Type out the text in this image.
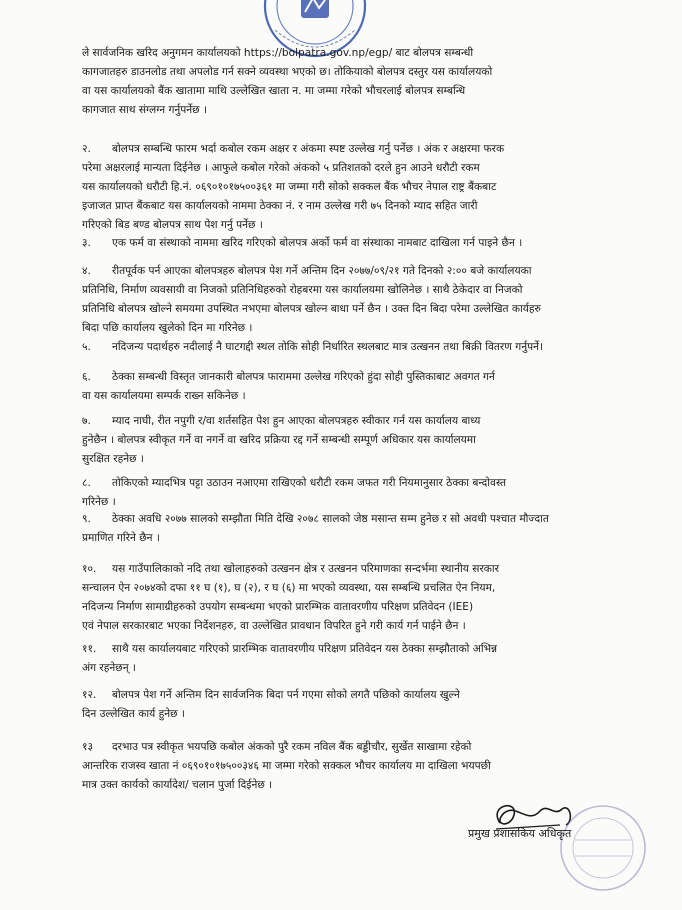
ले सार्वजनिक खरिद अनुगमन कार्यालयको https://bolpatra.gov.np/egp/ बाट बोलपत्र सम्बन्धी
कागजातहरु डाउनलोड तथा अपलोड गर्न सक्ने व्यवस्था भएको छ। तोकियाको बोलपत्र दस्तुर यस कार्यालयको
वा यस कार्यालयको बैंक खातामा माथि उल्लेखित खाता न. मा जम्मा गरेको भौचरलाई बोलपत्र सम्बन्धि
कागजात साथ संग्लग्न गर्नुपर्नेछ ।

२. बोलपत्र सम्बन्धि फारम भर्दा कबोल रकम अक्षर र अंकमा स्पष्ट उल्लेख गर्नु पर्नेछ । अंक र अक्षरमा फरक
परेमा अक्षरलाई मान्यता दिईनेछ । आफुले कबोल गरेको अंकको ५ प्रतिशतको दरले हुन आउने धरौटी रकम
यस कार्यालयको धरौटी हि.नं. ०६९०१०१७५००३६१ मा जम्मा गरी सोको सक्कल बैंक भौचर नेपाल राष्ट्र बैंकबाट
इजाजत प्राप्त बैंकबाट यस कार्यालयको नाममा ठेक्का नं. र नाम उल्लेख गरी ७५ दिनको म्याद सहित जारी
गरिएको बिड बण्ड बोलपत्र साथ पेश गर्नु पर्नेछ ।

३. एक फर्म वा संस्थाको नाममा खरिद गरिएको बोलपत्र अर्को फर्म वा संस्थाका नामबाट दाखिला गर्न पाइने छैन ।

४. रीतपूर्वक पर्न आएका बोलपत्रहरु बोलपत्र पेश गर्ने अन्तिम दिन २०७७/०९/२१ गते दिनको २:०० बजे कार्यालयका
प्रतिनिधि, निर्माण व्यवसायी वा निजको प्रतिनिधिहरुको रोहबरमा यस कार्यालयमा खोलिनेछ । साथै ठेकेदार वा निजको
प्रतिनिधि बोलपत्र खोल्ने समयमा उपस्थित नभएमा बोलपत्र खोल्न बाधा पर्ने छैन । उक्त दिन बिदा परेमा उल्लेखित कार्यहरु
बिदा पछि कार्यालय खुलेको दिन मा गरिनेछ ।

५. नदिजन्य पदार्थहरु नदीलाई नै घाटगद्दी स्थल तोकि सोही निर्धारित स्थलबाट मात्र उत्खनन तथा बिक्री वितरण गर्नुपर्ने।

६. ठेक्का सम्बन्धी विस्तृत जानकारी बोलपत्र फाराममा उल्लेख गरिएको हुंदा सोही पुस्तिकाबाट अवगत गर्न
वा यस कार्यालयमा सम्पर्क राख्न सकिनेछ ।

७. म्याद नाघी, रीत नपुगी र/वा शर्तसहित पेश हुन आएका बोलपत्रहरु स्वीकार गर्न यस कार्यालय बाध्य
हुनेछैन । बोलपत्र स्वीकृत गर्ने वा नगर्ने वा खरिद प्रक्रिया रद्द गर्ने सम्बन्धी सम्पूर्ण अधिकार यस कार्यालयमा
सुरक्षित रहनेछ ।

८. तोकिएको म्यादभित्र पट्टा उठाउन नआएमा राखिएको धरौटी रकम जफत गरी नियमानुसार ठेक्का बन्दोवस्त
गरिनेछ ।

९. ठेक्का अवधि २०७७ सालको सम्झौता मिति देखि २०७८ सालको जेष्ठ मसान्त सम्म हुनेछ र सो अवधी पश्चात मौज्दात
प्रमाणित गरिने छैन ।

१०. यस गाउँपालिकाको नदि तथा खोलाहरुको उत्खनन क्षेत्र र उत्खनन परिमाणका सन्दर्भमा स्थानीय सरकार
सन्चालन ऐन २०७४को दफा ११ घ (१), घ (२), र घ (६) मा भएको व्यवस्था, यस सम्बन्धि प्रचलित ऐन नियम,
नदिजन्य निर्माण सामाग्रीहरुको उपयोग सम्बन्धमा भएको प्रारम्भिक वातावरणीय परिक्षण प्रतिवेदन (IEE)
एवं नेपाल सरकारबाट भएका निर्देशनहरु, वा उल्लेखित प्रावधान विपरित हुने गरी कार्य गर्न पाईने छैन ।

११. साथै यस कार्यालयबाट गरिएको प्रारम्भिक वातावरणीय परिक्षण प्रतिवेदन यस ठेक्का सम्झौताको अभिन्न
अंग रहनेछन् ।

१२. बोलपत्र पेश गर्ने अन्तिम दिन सार्वजनिक बिदा पर्न गएमा सोको लगतै पछिको कार्यालय खुल्ने
दिन उल्लेखित कार्य हुनेछ ।

१३ दरभाउ पत्र स्वीकृत भयपछि कबोल अंकको पुरै रकम नविल बैंक बड्डीचौर, सुर्खेत साखामा रहेको
आन्तरिक राजस्व खाता नं ०६९०१०१७५००३४६ मा जम्मा गरेको सक्कल भौचर कार्यालय मा दाखिला भयपछी
मात्र उक्त कार्यको कार्यादेश/ चलान पुर्जा दिईनेछ ।

प्रमुख प्रशासकिय अधिकृत
